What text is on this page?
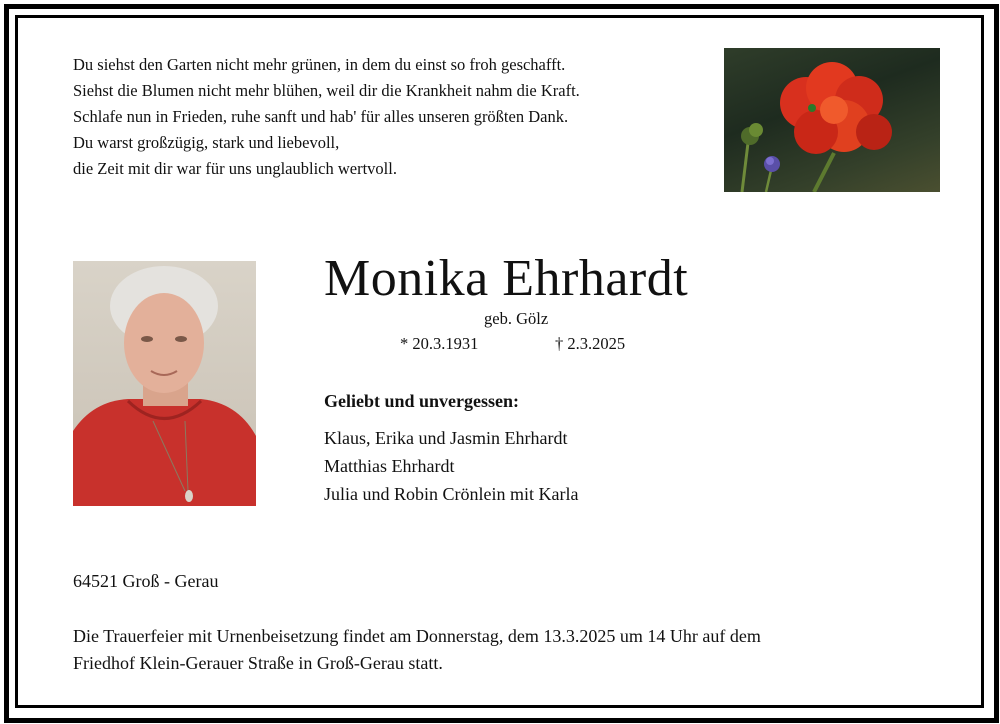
Du siehst den Garten nicht mehr grünen, in dem du einst so froh geschafft.
Siehst die Blumen nicht mehr blühen, weil dir die Krankheit nahm die Kraft.
Schlafe nun in Frieden, ruhe sanft und hab' für alles unseren größten Dank.
Du warst großzügig, stark und liebevoll,
die Zeit mit dir war für uns unglaublich wertvoll.
Monika Ehrhardt
geb. Gölz
* 20.3.1931	† 2.3.2025
Geliebt und unvergessen:
Klaus, Erika und Jasmin Ehrhardt
Matthias Ehrhardt
Julia und Robin Crönlein mit Karla
64521 Groß - Gerau
Die Trauerfeier mit Urnenbeisetzung findet am Donnerstag, dem 13.3.2025 um 14 Uhr auf dem
Friedhof Klein-Gerauer Straße in Groß-Gerau statt.
